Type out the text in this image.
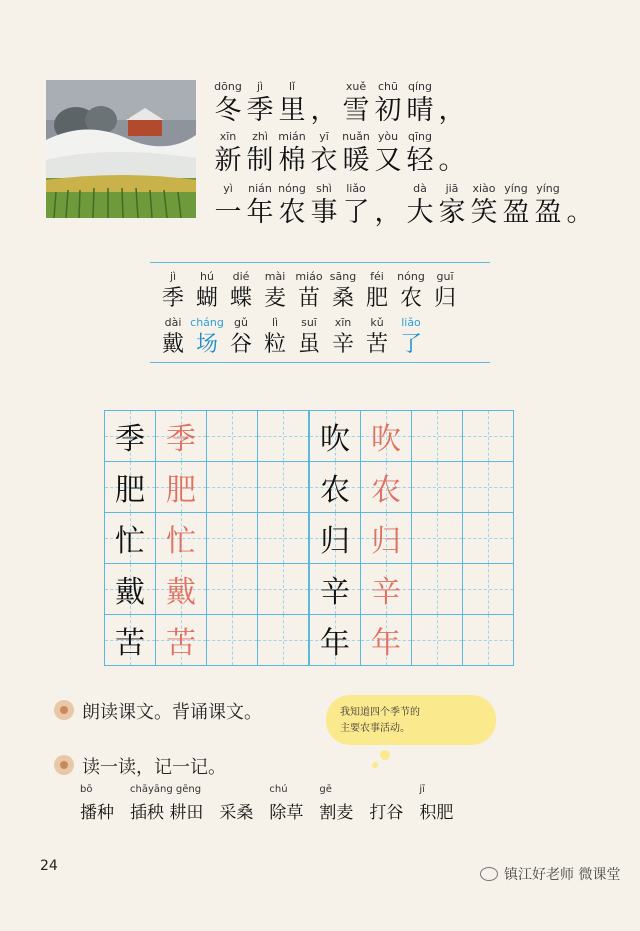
dōng	jì	lǐ	xuě	chū qíng
冬 季 里 ， 雪 初 晴 ，
xīn	zhì mián	yī	nuǎn yòu qīng
新 制 棉 衣 暖 又 轻 。
yì	nián nóng shì	liǎo	dà	jiā	xiào yíng yíng
一 年 农 事 了 ， 大 家 笑 盈 盈 。
jì	hú	dié	mài miáo sāng	féi	nóng	guī
季 蝴 蝶 麦 苗 桑 肥 农 归
dài cháng gǔ	lì	suī	xīn	kǔ	liǎo
戴 场 谷 粒 虽 辛 苦 了
季 季	吹 吹
肥 肥	农 农
忙 忙	归 归
戴 戴	辛 辛
苦 苦	年 年
朗读课文。背诵课文。	我知道四个季节的
主要农事活动。
读一读，记一记。
bō
播种
chāyāng gēng
插秧 耕田 采桑
chú
除草
gē
割麦 打谷
jī
积肥
24
镇江好老师 微课堂
